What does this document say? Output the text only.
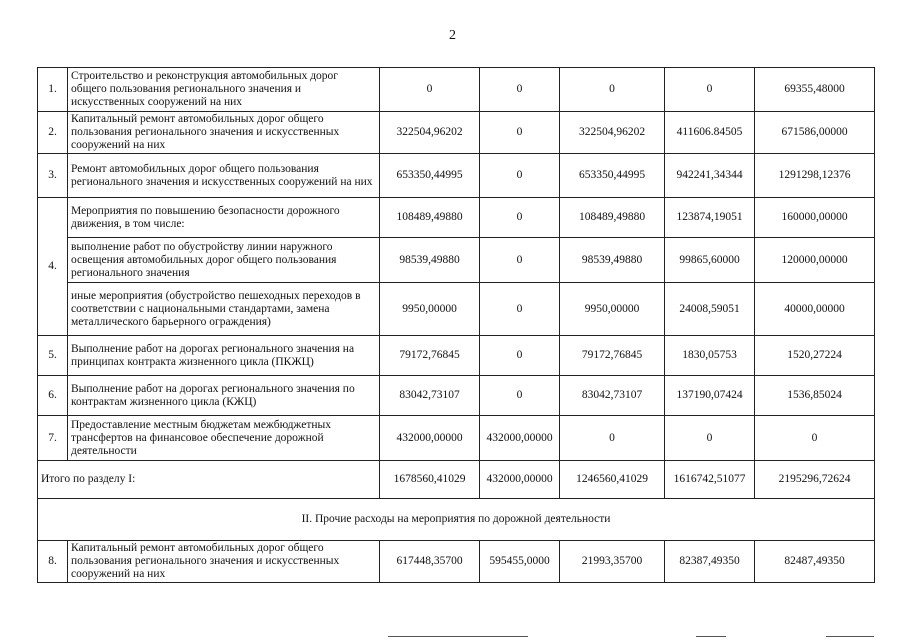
2
1.	Строительство и реконструкция автомобильных дорог общего пользования регионального значения и искусственных сооружений на них	0	0	0	0	69355,48000
2.	Капитальный ремонт автомобильных дорог общего пользования регионального значения и искусственных сооружений на них	322504,96202	0	322504,96202	411606.84505	671586,00000
3.	Ремонт автомобильных дорог общего пользования регионального значения и искусственных сооружений на них	653350,44995	0	653350,44995	942241,34344	1291298,12376
4.	Мероприятия по повышению безопасности дорожного движения, в том числе:	108489,49880	0	108489,49880	123874,19051	160000,00000
	выполнение работ по обустройству линии наружного освещения автомобильных дорог общего пользования регионального значения	98539,49880	0	98539,49880	99865,60000	120000,00000
	иные мероприятия (обустройство пешеходных переходов в соответствии с национальными стандартами, замена металлического барьерного ограждения)	9950,00000	0	9950,00000	24008,59051	40000,00000
5.	Выполнение работ на дорогах регионального значения на принципах контракта жизненного цикла (ПКЖЦ)	79172,76845	0	79172,76845	1830,05753	1520,27224
6.	Выполнение работ на дорогах регионального значения по контрактам жизненного цикла (КЖЦ)	83042,73107	0	83042,73107	137190,07424	1536,85024
7.	Предоставление местным бюджетам межбюджетных трансфертов на финансовое обеспечение дорожной деятельности	432000,00000	432000,00000	0	0	0
Итого по разделу I:		1678560,41029	432000,00000	1246560,41029	1616742,51077	2195296,72624
II. Прочие расходы на мероприятия по дорожной деятельности						
8.	Капитальный ремонт автомобильных дорог общего пользования регионального значения и искусственных сооружений на них	617448,35700	595455,0000	21993,35700	82387,49350	82487,49350
